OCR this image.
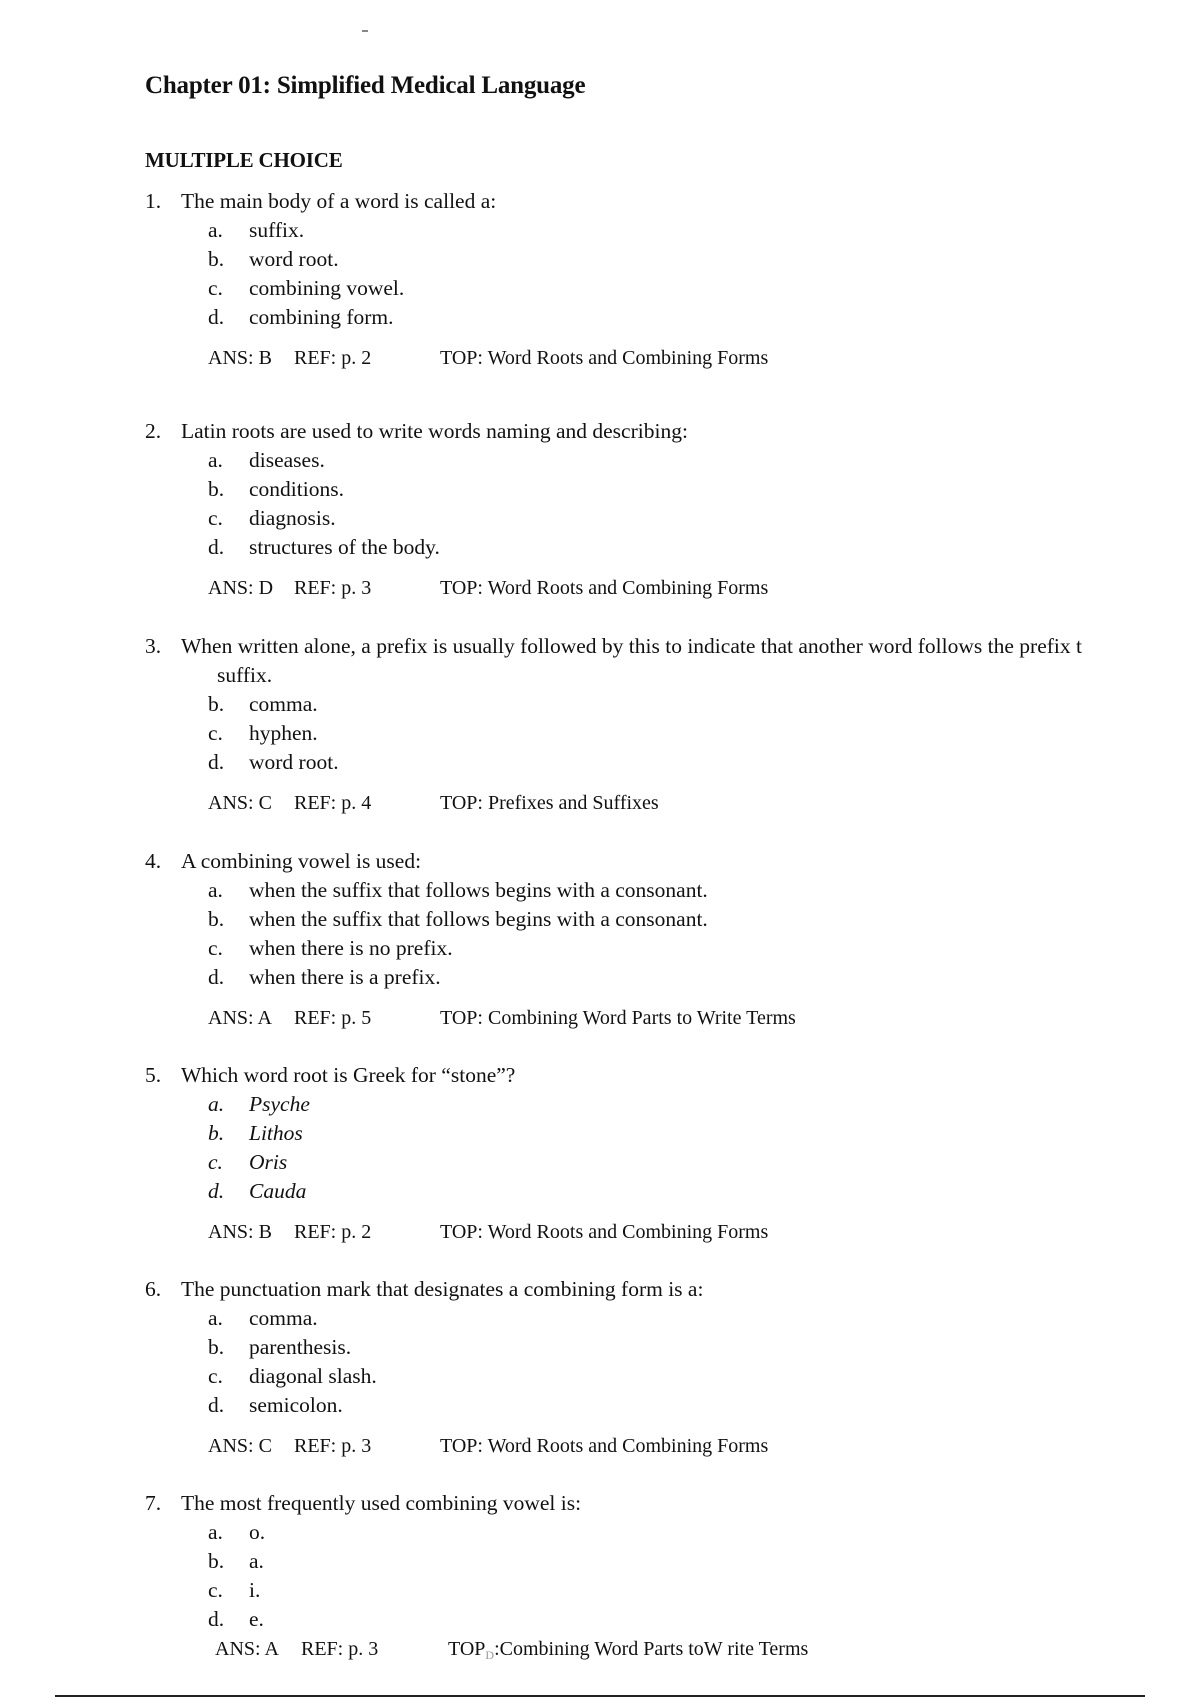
Chapter 01: Simplified Medical Language
MULTIPLE CHOICE
1. The main body of a word is called a:
a.	suffix.
b.	word root.
c.	combining vowel.
d.	combining form.
ANS: B	REF: p. 2	TOP: Word Roots and Combining Forms
2. Latin roots are used to write words naming and describing:
a.	diseases.
b.	conditions.
c.	diagnosis.
d.	structures of the body.
ANS: D	REF: p. 3	TOP: Word Roots and Combining Forms
3. When written alone, a prefix is usually followed by this to indicate that another word follows the prefix t
suffix.
b.	comma.
c.	hyphen.
d.	word root.
ANS: C	REF: p. 4	TOP: Prefixes and Suffixes
4. A combining vowel is used:
a.	when the suffix that follows begins with a consonant.
b.	when the suffix that follows begins with a consonant.
c.	when there is no prefix.
d.	when there is a prefix.
ANS: A	REF: p. 5	TOP: Combining Word Parts to Write Terms
5. Which word root is Greek for “stone”?
a.	Psyche
b.	Lithos
c.	Oris
d.	Cauda
ANS: B	REF: p. 2	TOP: Word Roots and Combining Forms
6. The punctuation mark that designates a combining form is a:
a.	comma.
b.	parenthesis.
c.	diagonal slash.
d.	semicolon.
ANS: C	REF: p. 3	TOP: Word Roots and Combining Forms
7. The most frequently used combining vowel is:
a.	o.
b.	a.
c.	i.
d.	e.
ANS: A	REF: p. 3	$TOP_D:Combining$ Word Parts toW rite Terms
